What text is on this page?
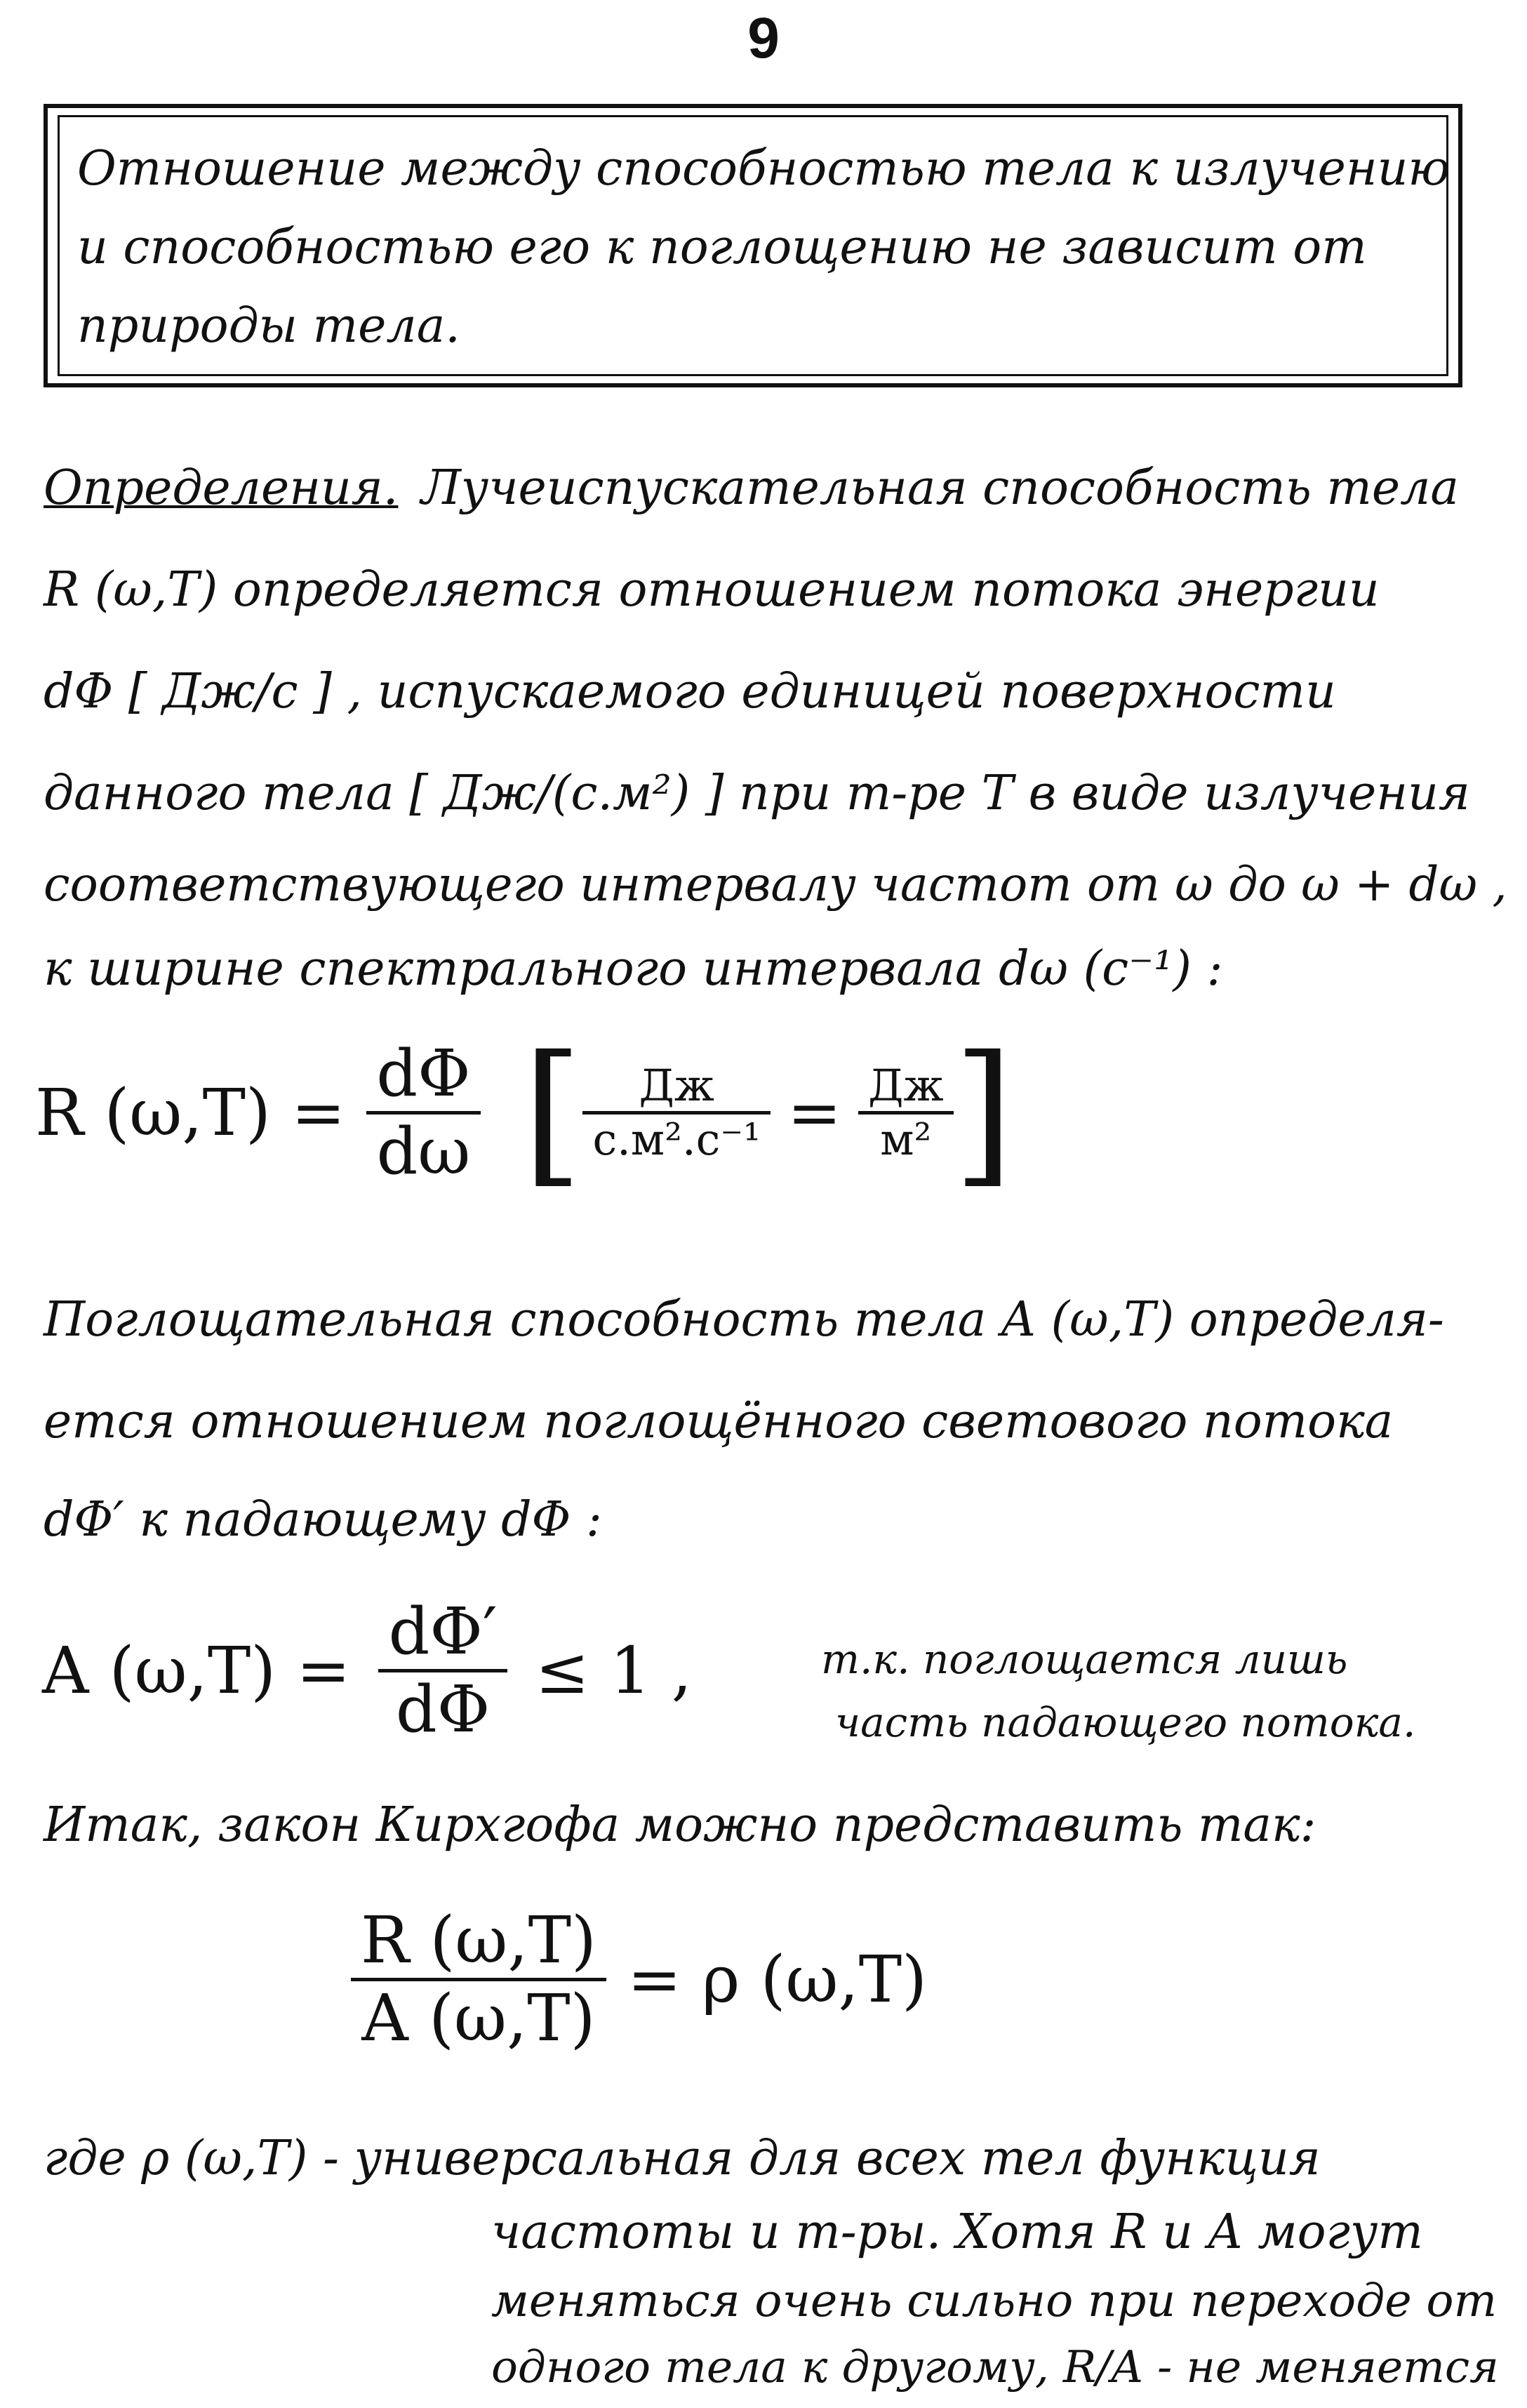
9
Отношение между способностью тела к излучению
и способностью его к поглощению не зависит от
природы тела.
Определения. Лучеиспускательная способность тела
R (ω,T) определяется отношением потока энергии
dΦ [ Дж/с ] , испускаемого единицей поверхности
данного тела [ Дж/(с.м²) ] при т-ре T в виде излучения
соответствующего интервалу частот от ω до ω + dω ,
к ширине спектрального интервала dω (c⁻¹) :
R (ω,T) =
dΦ
dω [ Дж
с.м².с⁻¹ = Дж
м² ]
Поглощательная способность тела A (ω,T) определя-
ется отношением поглощённого светового потока
dΦ′ к падающему dΦ :
A (ω,T) =
dΦ′
dΦ
≤ 1 ,	т.к. поглощается лишь
часть падающего потока.
Итак, закон Кирхгофа можно представить так:
R (ω,T)
A (ω,T)
= ρ (ω,T)
где ρ (ω,T) - универсальная для всех тел функция
частоты и т-ры. Хотя R и A могут
меняться очень сильно при переходе от
одного тела к другому, R/A - не меняется
